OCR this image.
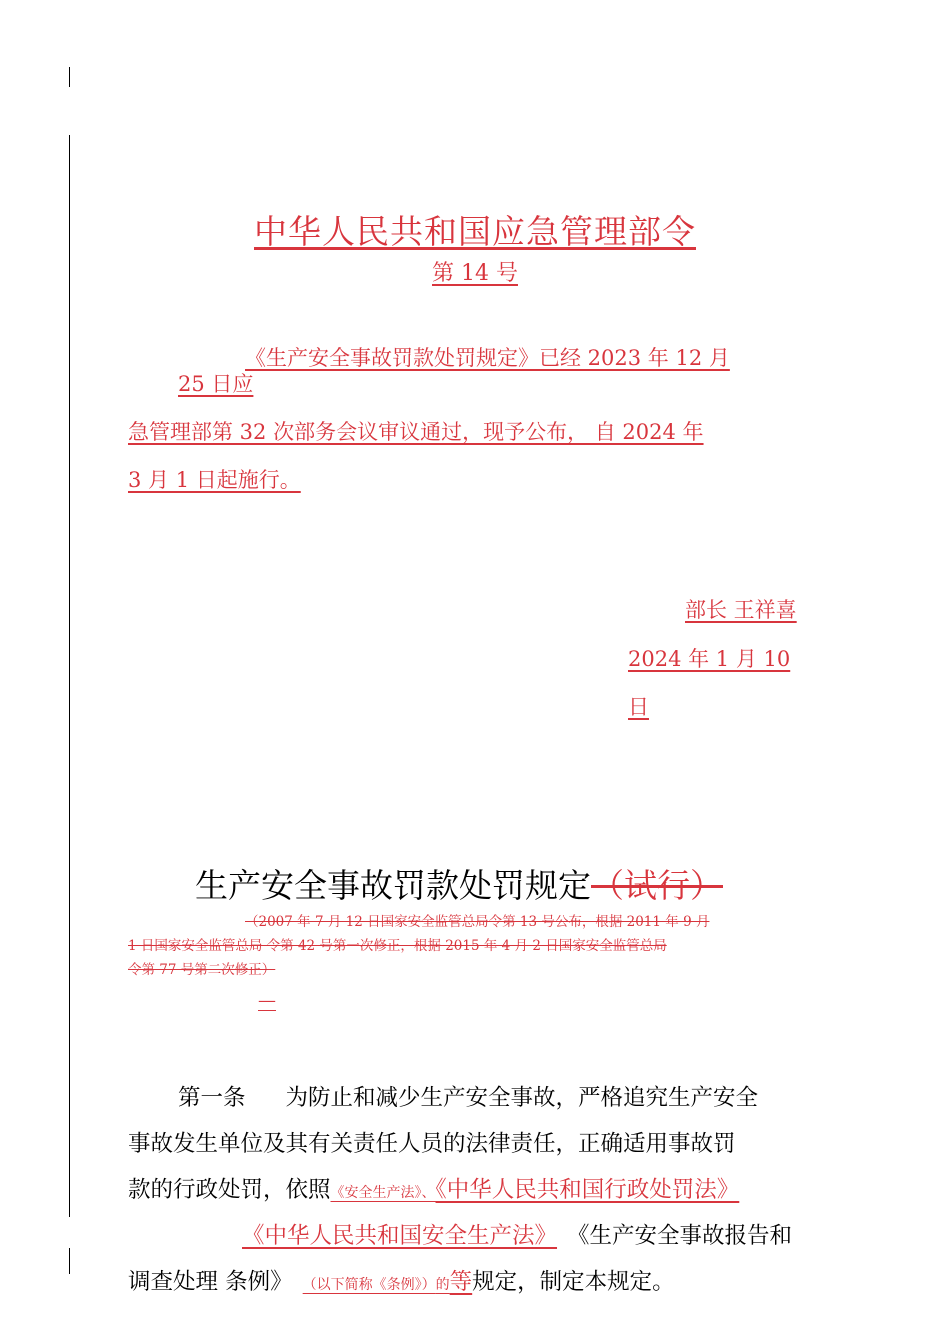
中华人民共和国应急管理部令
第 14 号
《生产安全事故罚款处罚规定》已经 2023 年 12 月
25 日应
急管理部第 32 次部务会议审议通过，现予公布， 自 2024 年
3 月 1 日起施行。
部长 王祥喜
2024 年 1 月 10
日
生产安全事故罚款处罚规定（试行）
（2007 年 7 月 12 日国家安全监管总局令第 13 号公布，根据 2011 年 9 月
1 日国家安全监管总局 令第 42 号第一次修正，根据 2015 年 4 月 2 日国家安全监管总局
令第 77 号第二次修正）
—
第一条 为防止和减少生产安全事故，严格追究生产安全
事故发生单位及其有关责任人员的法律责任，正确适用事故罚
款的行政处罚，依照《安全生产法》、《中华人民共和国行政处罚法》
《中华人民共和国安全生产法》 《生产安全事故报告和
调查处理 条例》 （以下简称《条例》）的等规定，制定本规定。
